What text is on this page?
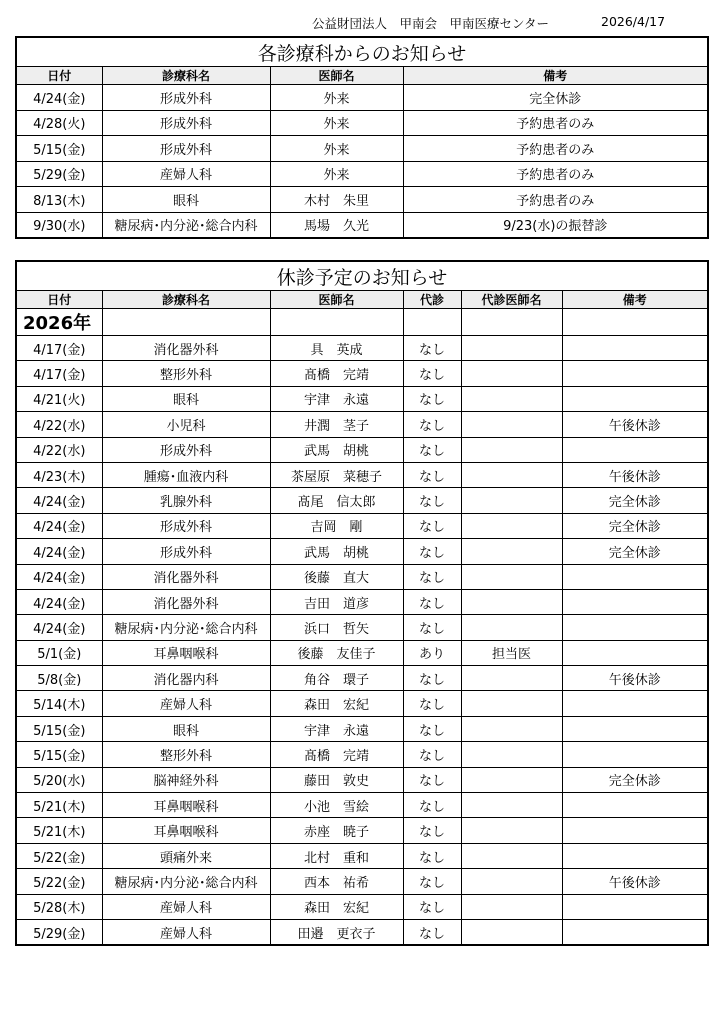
公益財団法人　甲南会　甲南医療センター	2026/4/17
各診療科からのお知らせ			
日付	診療科名	医師名	備考
4/24(金)	形成外科	外来	完全休診
4/28(火)	形成外科	外来	予約患者のみ
5/15(金)	形成外科	外来	予約患者のみ
5/29(金)	産婦人科	外来	予約患者のみ
8/13(木)	眼科	木村　朱里	予約患者のみ
9/30(水)	糖尿病･内分泌･総合内科	馬場　久光	9/23(水)の振替診
休診予定のお知らせ					
日付	診療科名	医師名	代診	代診医師名	備考
2026年					
4/17(金)	消化器外科	具　英成	なし		
4/17(金)	整形外科	髙橋　完靖	なし		
4/21(火)	眼科	宇津　永遠	なし		
4/22(水)	小児科	井潤　茎子	なし		午後休診
4/22(水)	形成外科	武馬　胡桃	なし		
4/23(木)	腫瘍･血液内科	茶屋原　菜穂子	なし		午後休診
4/24(金)	乳腺外科	髙尾　信太郎	なし		完全休診
4/24(金)	形成外科	吉岡　剛	なし		完全休診
4/24(金)	形成外科	武馬　胡桃	なし		完全休診
4/24(金)	消化器外科	後藤　直大	なし		
4/24(金)	消化器外科	吉田　道彦	なし		
4/24(金)	糖尿病･内分泌･総合内科	浜口　哲矢	なし		
5/1(金)	耳鼻咽喉科	後藤　友佳子	あり	担当医	
5/8(金)	消化器内科	角谷　環子	なし		午後休診
5/14(木)	産婦人科	森田　宏紀	なし		
5/15(金)	眼科	宇津　永遠	なし		
5/15(金)	整形外科	髙橋　完靖	なし		
5/20(水)	脳神経外科	藤田　敦史	なし		完全休診
5/21(木)	耳鼻咽喉科	小池　雪絵	なし		
5/21(木)	耳鼻咽喉科	赤座　暁子	なし		
5/22(金)	頭痛外来	北村　重和	なし		
5/22(金)	糖尿病･内分泌･総合内科	西本　祐希	なし		午後休診
5/28(木)	産婦人科	森田　宏紀	なし		
5/29(金)	産婦人科	田邉　更衣子	なし		
